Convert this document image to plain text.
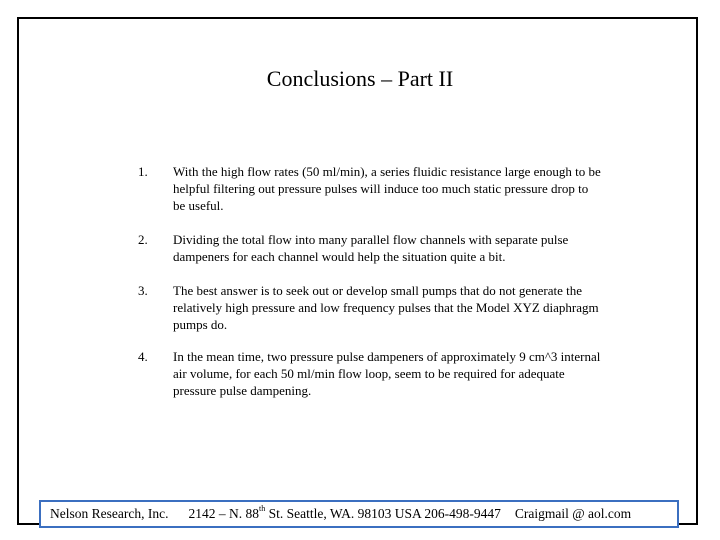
Conclusions – Part II
1.	With the high flow rates (50 ml/min), a series fluidic resistance large enough to be helpful filtering out pressure pulses will induce too much static pressure drop to be useful.
2.	Dividing the total flow into many parallel flow channels with separate pulse dampeners for each channel would help the situation quite a bit.
3.	The best answer is to seek out or develop small pumps that do not generate the relatively high pressure and low frequency pulses that the Model XYZ diaphragm pumps do.
4.	In the mean time, two pressure pulse dampeners of approximately 9 cm^3 internal air volume, for each 50 ml/min flow loop, seem to be required for adequate pressure pulse dampening.
Nelson Research, Inc.	2142 – N. 88th St. Seattle, WA. 98103 USA 206-498-9447	Craigmail @ aol.com
